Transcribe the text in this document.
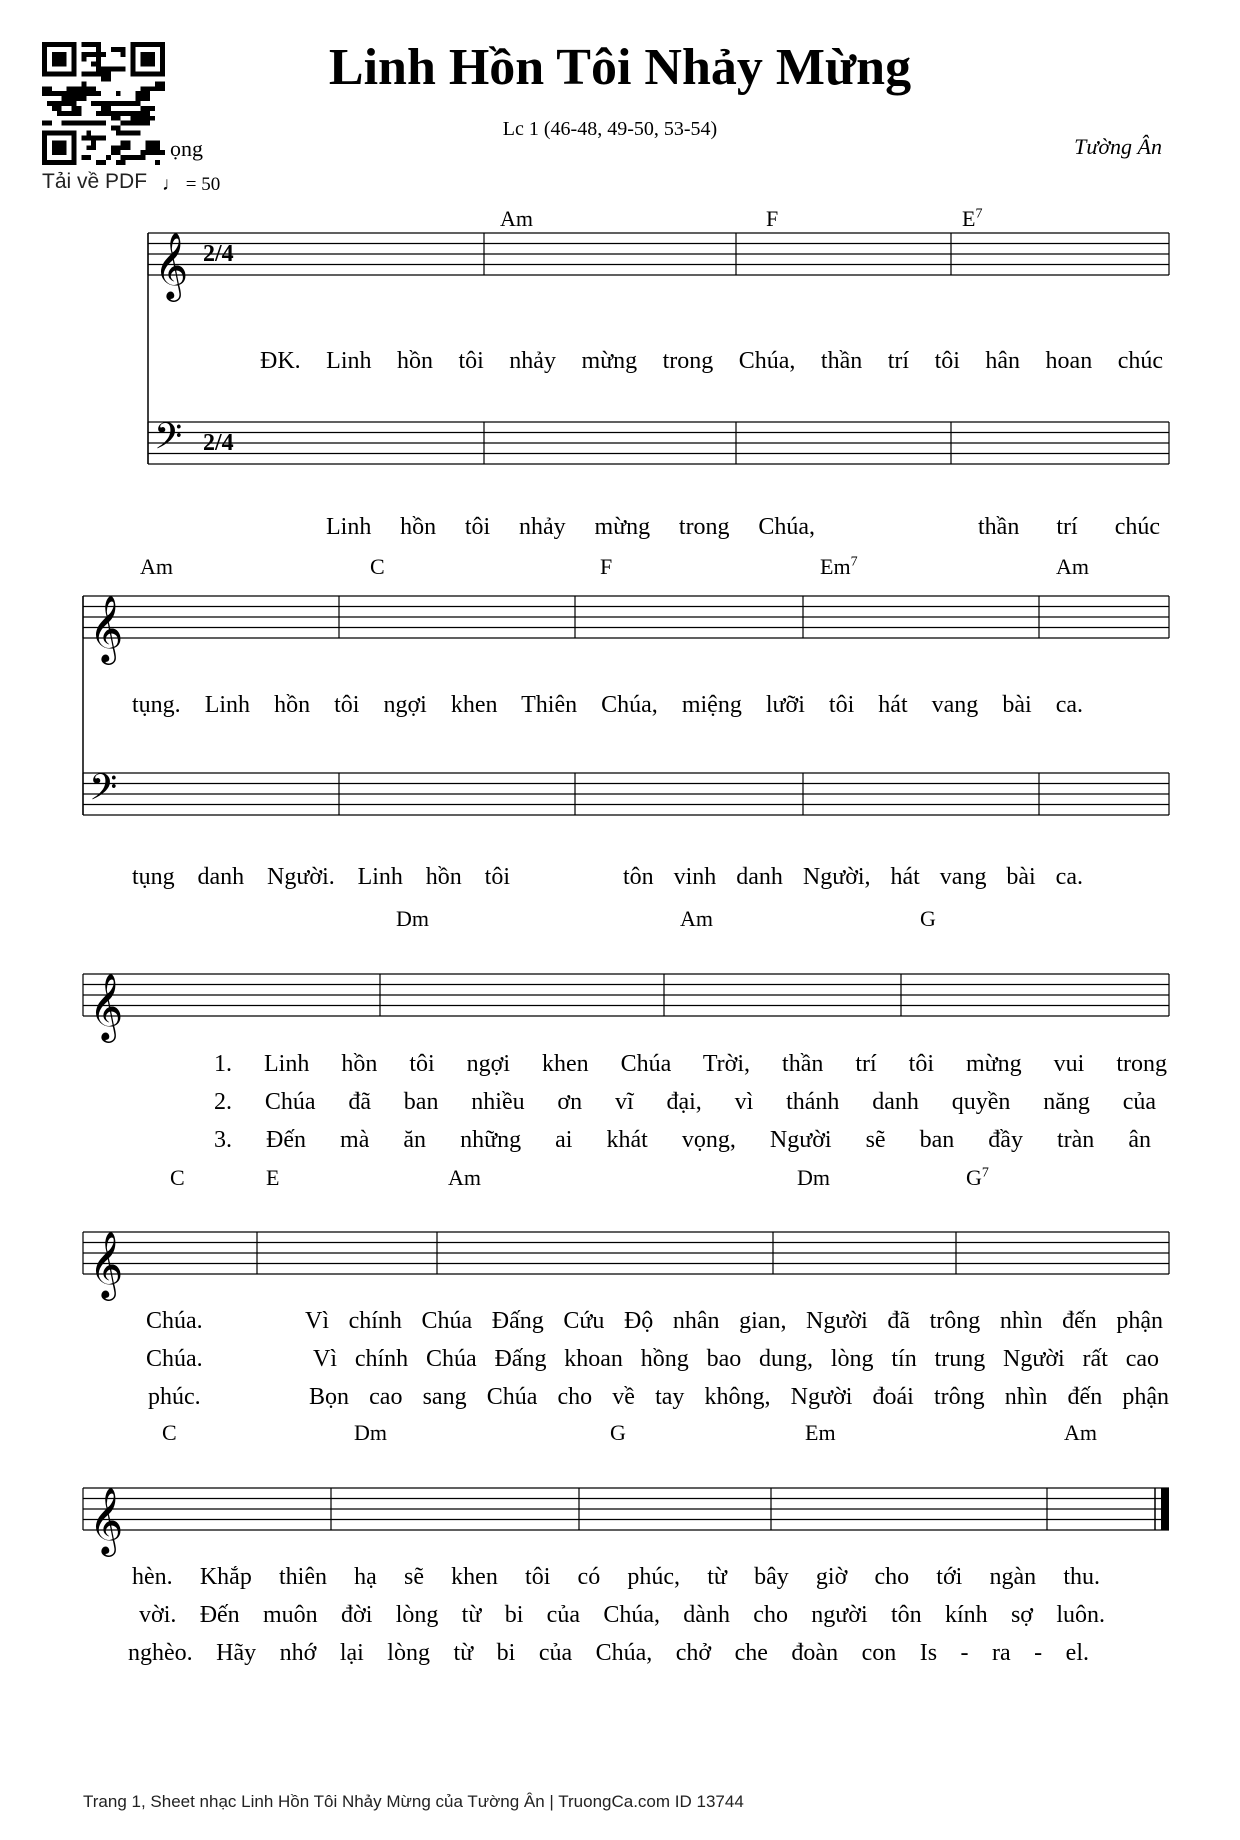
𝄞
𝄢
𝄞
𝄢
𝄞
𝄞
𝄞
ọng
Tải về PDF ♩ = 50
Linh Hồn Tôi Nhảy Mừng
Lc 1 (46-48, 49-50, 53-54)
Tường Ân
2/4
2/4
Am	F	$E^7$
ĐK. Linh hồn tôi nhảy mừng trong Chúa, thần trí tôi hân hoan chúc
Linh hồn tôi nhảy mừng trong Chúa,	thần trí chúc
Am	C	F	Em$^7$	Am
tụng. Linh hồn tôi ngợi khen Thiên Chúa, miệng lưỡi tôi hát vang bài ca.
tụng danh Người. Linh hồn tôi	tôn vinh danh Người, hát vang bài ca.
Dm	Am	G
1. Linh hồn tôi ngợi khen Chúa Trời, thần trí tôi mừng vui trong
2. Chúa đã ban nhiều ơn vĩ đại, vì thánh danh quyền năng của
3. Đến mà ăn những ai khát vọng, Người sẽ ban đầy tràn ân
C	E	Am	Dm	$G^7$
Chúa.	Vì chính Chúa Đấng Cứu Độ nhân gian, Người đã trông nhìn đến phận
Chúa.	Vì chính Chúa Đấng khoan hồng bao dung, lòng tín trung Người rất cao
phúc.	Bọn cao sang Chúa cho về tay không, Người đoái trông nhìn đến phận
C	Dm	G	Em	Am
hèn. Khắp thiên hạ sẽ khen tôi có phúc, từ bây giờ cho tới ngàn thu.
vời. Đến muôn đời lòng từ bi của Chúa, dành cho người tôn kính sợ luôn.
nghèo. Hãy nhớ lại lòng từ bi của Chúa, chở che đoàn con Is - ra - el.
Trang 1, Sheet nhạc Linh Hồn Tôi Nhảy Mừng của Tường Ân | TruongCa.com ID 13744
